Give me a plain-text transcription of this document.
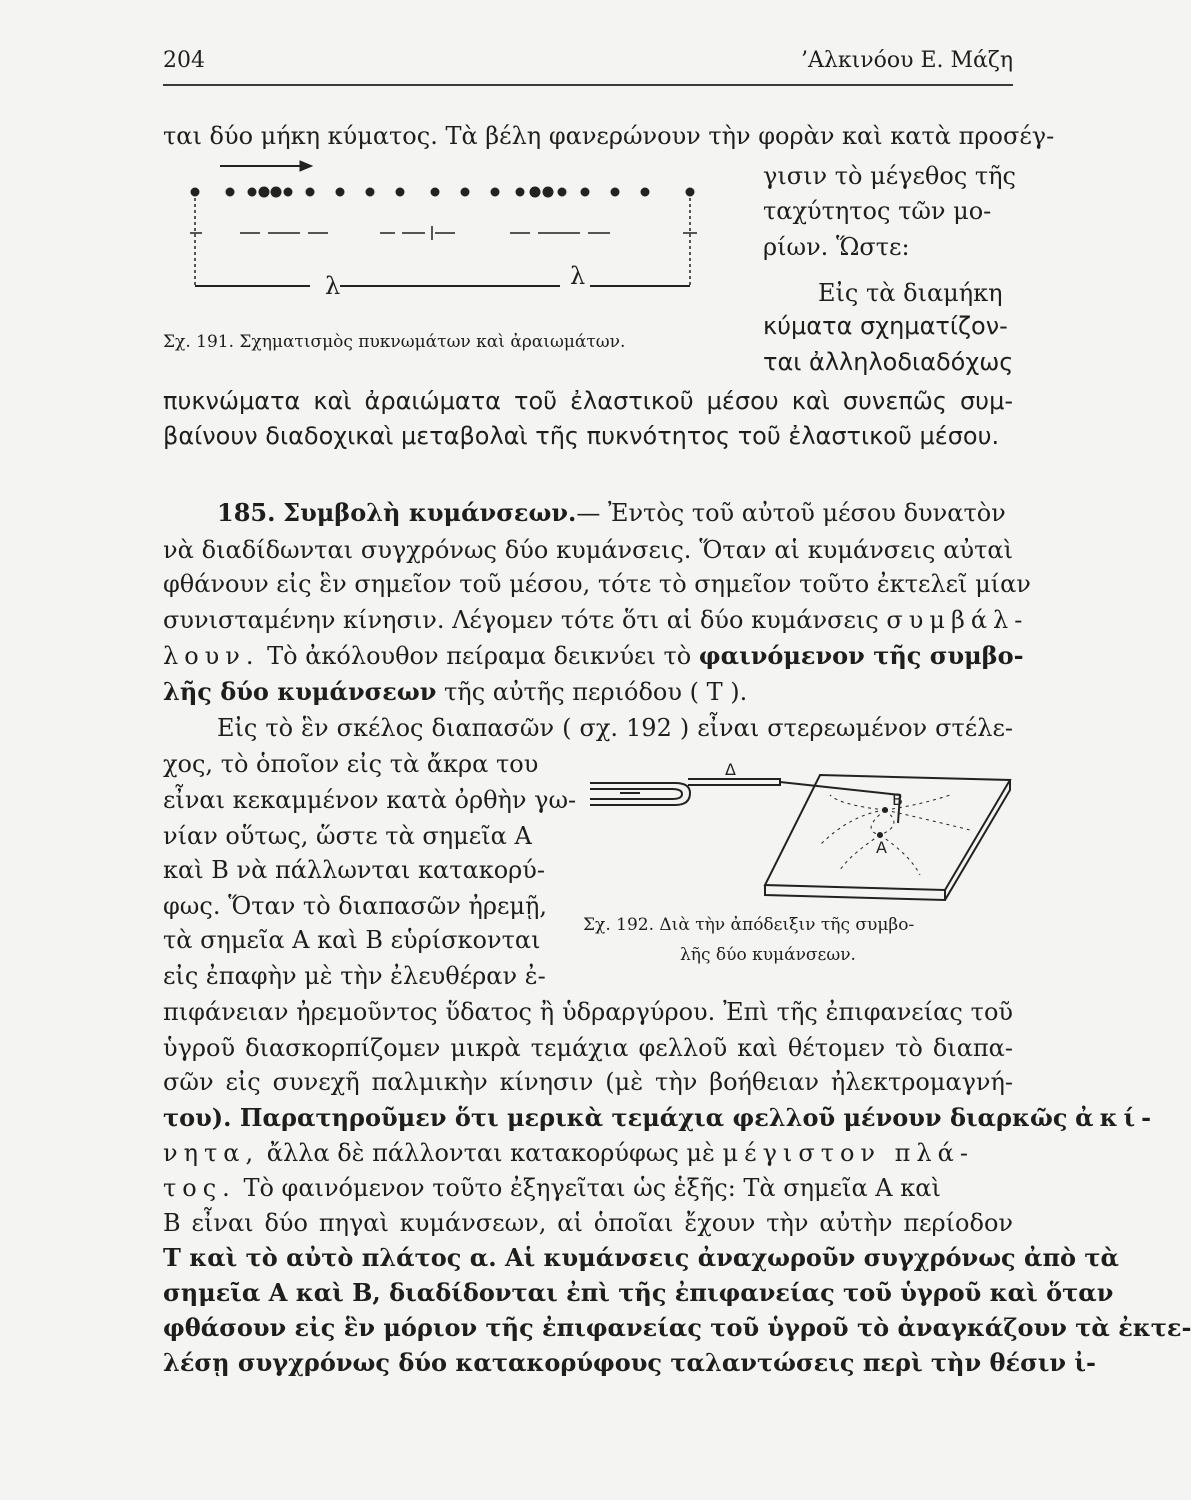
204	’Αλκινόου Ε. Μάζη
ται δύο μήκη κύματος. Τὰ βέλη φανερώνουν τὴν φορὰν καὶ κατὰ προσέγ-
λ	λ
γισιν τὸ μέγεθος τῆς
ταχύτητος τῶν μο-
ρίων. Ὥστε:
Εἰς τὰ διαμήκη
Σχ. 191. Σχηματισμὸς πυκνωμάτων καὶ ἀραιωμάτων.
κύματα σχηματίζον-
ται ἀλληλοδιαδόχως
πυκνώματα καὶ ἀραιώματα τοῦ ἐλαστικοῦ μέσου καὶ συνεπῶς συμ-
βαίνουν διαδοχικαὶ μεταβολαὶ τῆς πυκνότητος τοῦ ἐλαστικοῦ μέσου.
185. Συμβολὴ κυμάνσεων.— Ἐντὸς τοῦ αὐτοῦ μέσου δυνατὸν
νὰ διαδίδωνται συγχρόνως δύο κυμάνσεις. Ὅταν αἱ κυμάνσεις αὐταὶ
φθάνουν εἰς ἓν σημεῖον τοῦ μέσου, τότε τὸ σημεῖον τοῦτο ἐκτελεῖ μίαν
συνισταμένην κίνησιν. Λέγομεν τότε ὅτι αἱ δύο κυμάνσεις συμβάλ-
λουν. Τὸ ἀκόλουθον πείραμα δεικνύει τὸ φαινόμενον τῆς συμβο-
λῆς δύο κυμάνσεων τῆς αὐτῆς περιόδου ( Τ ).
Εἰς τὸ ἓν σκέλος διαπασῶν ( σχ. 192 ) εἶναι στερεωμένον στέλε-
χος, τὸ ὁποῖον εἰς τὰ ἄκρα του
εἶναι κεκαμμένον κατὰ ὀρθὴν γω-
νίαν οὕτως, ὥστε τὰ σημεῖα Α
καὶ Β νὰ πάλλωνται κατακορύ-
φως. Ὅταν τὸ διαπασῶν ἠρεμῇ,
τὰ σημεῖα Α καὶ Β εὑρίσκονται
εἰς ἐπαφὴν μὲ τὴν ἐλευθέραν ἐ-
Δ
Β
Α
Σχ. 192. Διὰ τὴν ἀπόδειξιν τῆς συμβο-
λῆς δύο κυμάνσεων.
πιφάνειαν ἠρεμοῦντος ὕδατος ἢ ὑδραργύρου. Ἐπὶ τῆς ἐπιφανείας τοῦ
ὑγροῦ διασκορπίζομεν μικρὰ τεμάχια φελλοῦ καὶ θέτομεν τὸ διαπα-
σῶν εἰς συνεχῆ παλμικὴν κίνησιν (μὲ τὴν βοήθειαν ἠλεκτρομαγνή-
του). Παρατηροῦμεν ὅτι μερικὰ τεμάχια φελλοῦ μένουν διαρκῶς ἀκί-
νητα, ἄλλα δὲ πάλλονται κατακορύφως μὲ μέγιστον πλά-
τος. Τὸ φαινόμενον τοῦτο ἐξηγεῖται ὡς ἑξῆς: Τὰ σημεῖα Α καὶ
Β εἶναι δύο πηγαὶ κυμάνσεων, αἱ ὁποῖαι ἔχουν τὴν αὐτὴν περίοδον
Τ καὶ τὸ αὐτὸ πλάτος α. Αἱ κυμάνσεις ἀναχωροῦν συγχρόνως ἀπὸ τὰ
σημεῖα Α καὶ Β, διαδίδονται ἐπὶ τῆς ἐπιφανείας τοῦ ὑγροῦ καὶ ὅταν
φθάσουν εἰς ἓν μόριον τῆς ἐπιφανείας τοῦ ὑγροῦ τὸ ἀναγκάζουν τὰ ἐκτε-
λέσῃ συγχρόνως δύο κατακορύφους ταλαντώσεις περὶ τὴν θέσιν ἰ-
